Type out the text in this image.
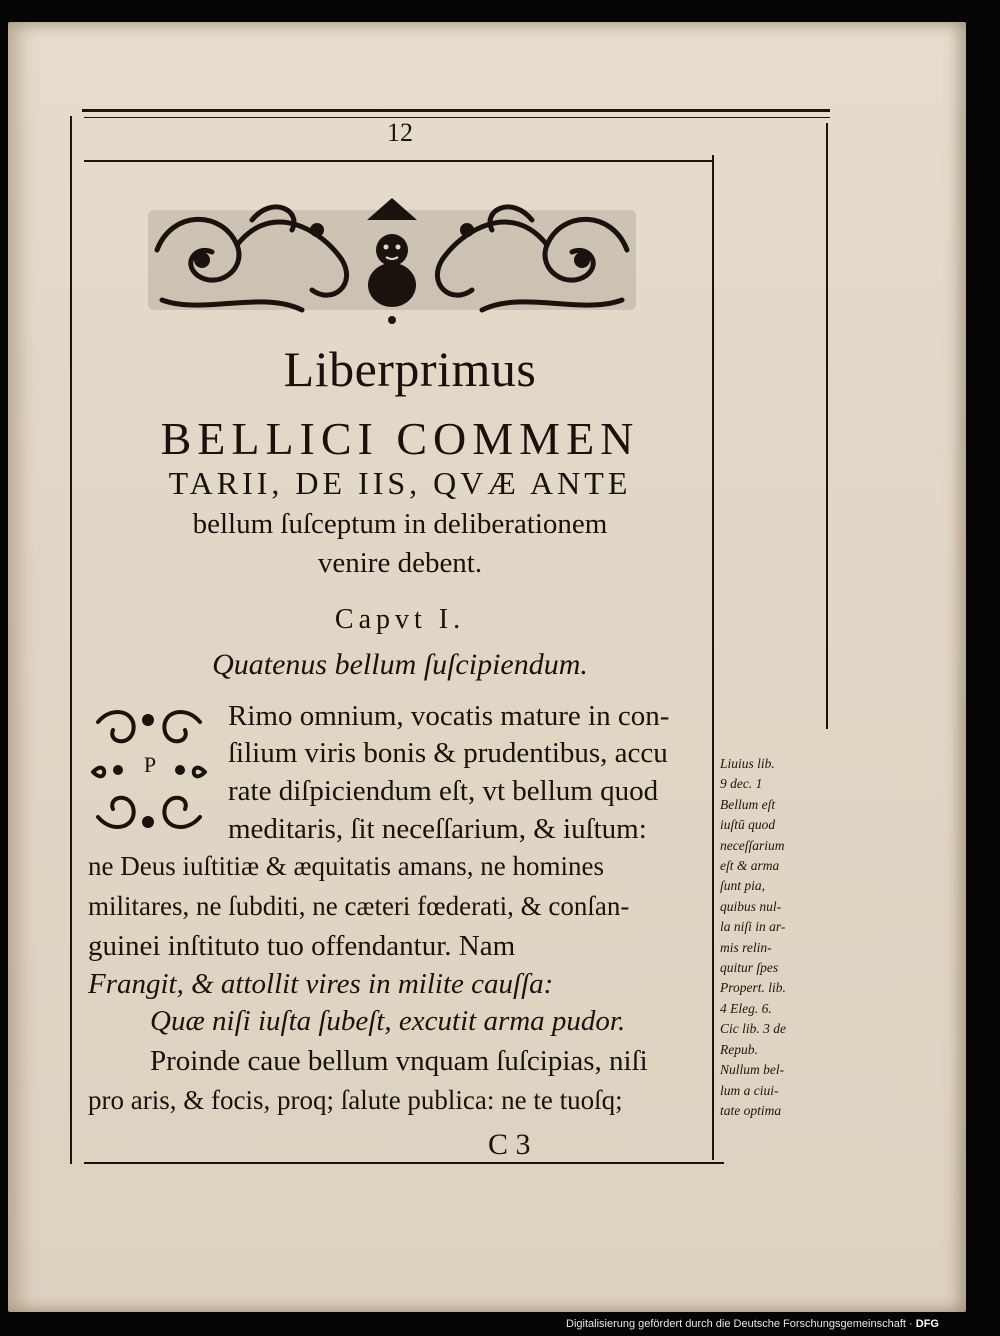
12
Liberprimus
BELLICI COMMEN
TARII, DE IIS, QVÆ ANTE
bellum ſuſceptum in deliberationem
venire debent.
Capvt I.
Quatenus bellum ſuſcipiendum.
P
Rimo omnium, vocatis mature in con-
ſilium viris bonis & prudentibus, accu
rate diſpiciendum eſt, vt bellum quod
meditaris, ſit neceſſarium, & iuſtum:
ne Deus iuſtitiæ & æquitatis amans, ne homines
militares, ne ſubditi, ne cæteri fœderati, & conſan-
guinei inſtituto tuo offendantur. Nam
Frangit, & attollit vires in milite cauſſa:
Quæ niſi iuſta ſubeſt, excutit arma pudor.
Proinde caue bellum vnquam ſuſcipias, niſi
pro aris, & focis, proq; ſalute publica: ne te tuoſq;
C 3
Liuius lib.
9 dec. 1
Bellum eſt
iuſtū quod
neceſſarium
eſt & arma
ſunt pia,
quibus nul-
la niſi in ar-
mis relin-
quitur ſpes
Propert. lib.
4 Eleg. 6.
Cic lib. 3 de
Repub.
Nullum bel-
lum a ciui-
tate optima
Digitalisierung gefördert durch die Deutsche Forschungsgemeinschaft · DFG
